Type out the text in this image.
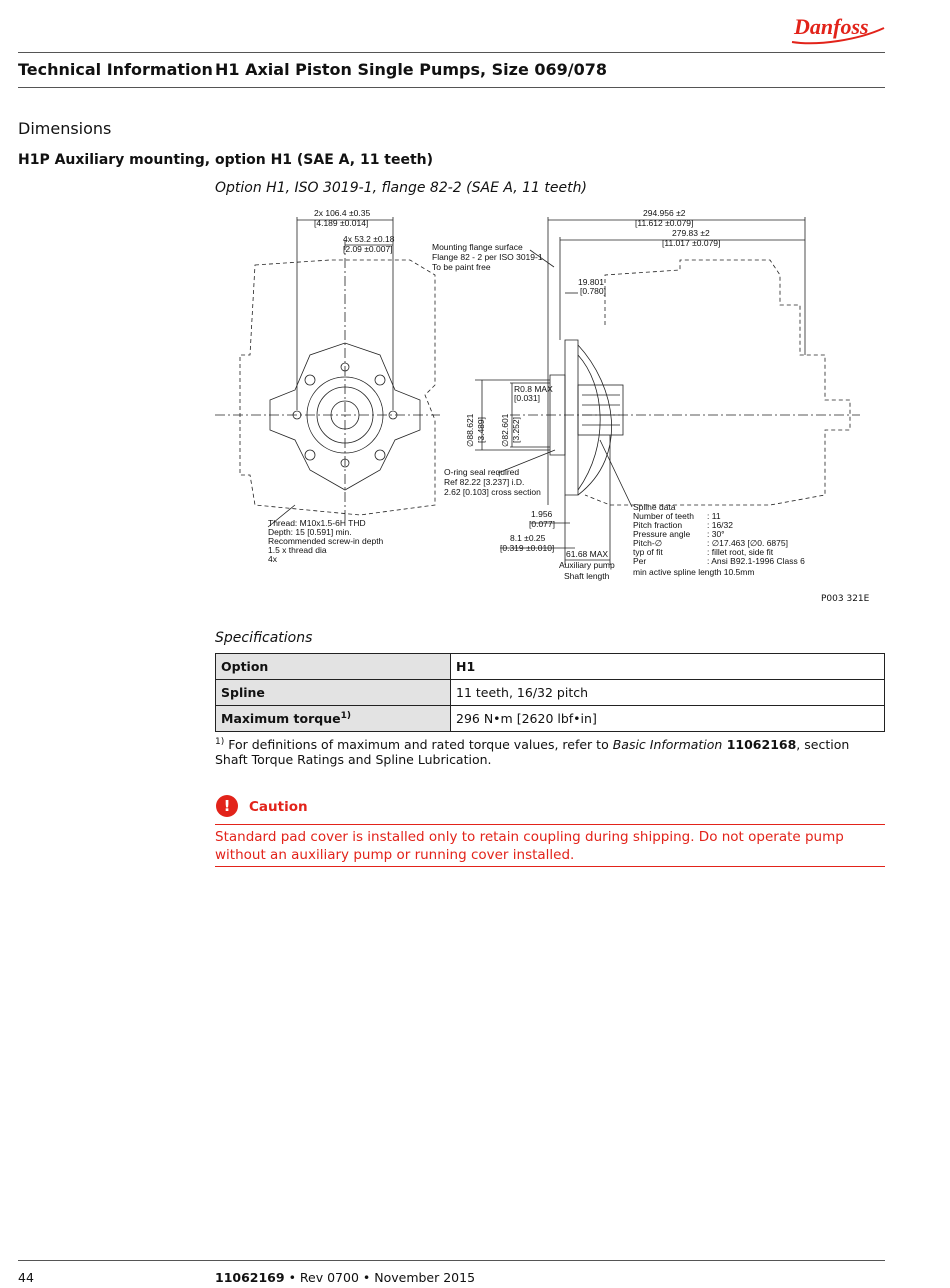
Danfoss
Technical Information H1 Axial Piston Single Pumps, Size 069/078
Dimensions
H1P Auxiliary mounting, option H1 (SAE A, 11 teeth)
Option H1, ISO 3019-1, flange 82-2 (SAE A, 11 teeth)
2x 106.4 ±0.35
[4.189 ±0.014]
4x 53.2 ±0.18
[2.09 ±0.007]
294.956 ±2
[11.612 ±0.079]
279.83 ±2
[11.017 ±0.079]
Mounting flange surface
Flange 82 - 2 per ISO 3019-1
To be paint free
19.801
[0.780]
R0.8 MAX
[0.031]
∅88.621 [3.489] ∅82.601 [3.252]
O-ring seal required
Ref 82.22 [3.237] i.D.
2.62 [0.103] cross section
Thread: M10x1.5-6H THD
Depth: 15 [0.591] min.
Recommended screw-in depth
1.5 x thread dia
4x
1.956
[0.077]
8.1 ±0.25
[0.319 ±0.010]
61.68 MAX
Auxiliary pump
Shaft length
Spline data
Number of teeth : 11
Pitch fraction	: 16/32
Pressure angle : 30°
Pitch-∅	: ∅17.463 [∅0. 6875]
typ of fit	: fillet root, side fit
Per	: Ansi B92.1-1996 Class 6
min active spline length 10.5mm
P003 321E
Specifications
Option	H1
Spline	11 teeth, 16/32 pitch
Maximum torque$^{1)}$	296 N•m [2620 lbf•in]
$^{1)}$ For definitions of maximum and rated torque values, refer to Basic Information 11062168, section Shaft Torque Ratings and Spline Lubrication.
!	Caution
Standard pad cover is installed only to retain coupling during shipping. Do not operate pump without an auxiliary pump or running cover installed.
44	11062169 • Rev 0700 • November 2015
